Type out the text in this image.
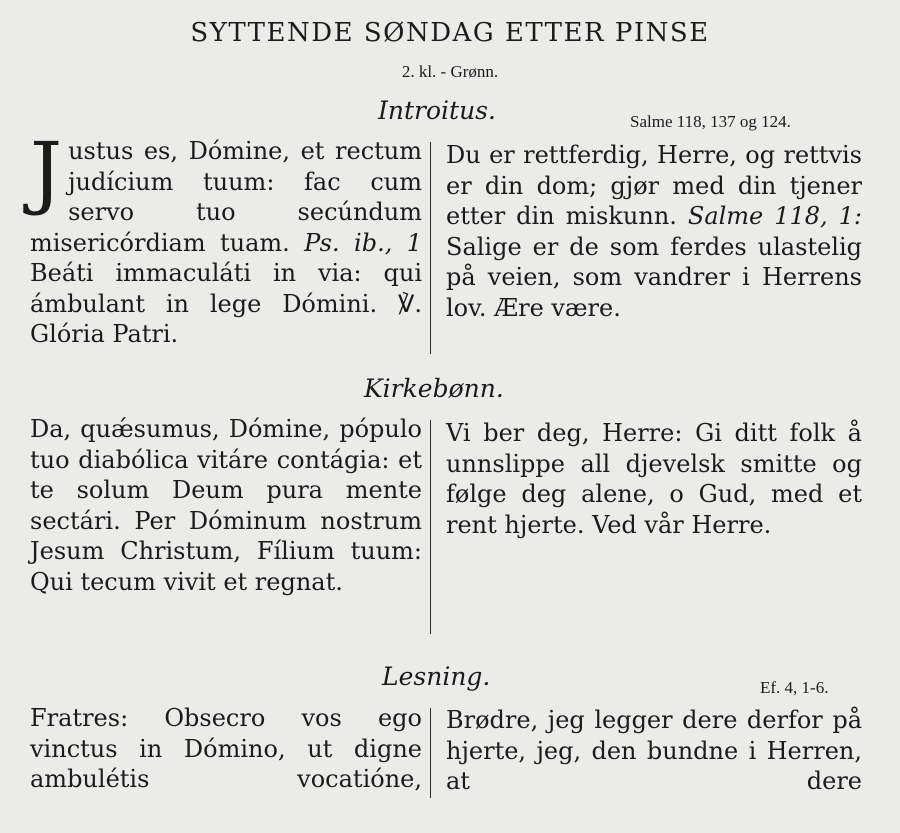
SYTTENDE SØNDAG ETTER PINSE
2. kl. - Grønn.
Introitus.	Salme 118, 137 og 124.
Justus es, Dómine, et rectum judícium tuum: fac cum servo tuo secúndum misericórdiam tuam. Ps. ib., 1 Beáti immaculáti in via: qui ámbulant in lege Dómini. ℣. Glória Patri.
Du er rettferdig, Herre, og rettvis er din dom; gjør med din tjener etter din miskunn. Salme 118, 1: Salige er de som ferdes ulastelig på veien, som vandrer i Herrens lov. Ære være.
Kirkebønn.
Da, quǽsumus, Dómine, pópulo tuo diabólica vitáre contágia: et te solum Deum pura mente sectári. Per Dóminum nostrum Jesum Christum, Fílium tuum: Qui tecum vivit et regnat.
Vi ber deg, Herre: Gi ditt folk å unnslippe all djevelsk smitte og følge deg alene, o Gud, med et rent hjerte. Ved vår Herre.
Lesning.	Ef. 4, 1-6.
Fratres: Obsecro vos ego vinctus in Dómino, ut digne ambulétis vocatióne,
Brødre, jeg legger dere derfor på hjerte, jeg, den bundne i Herren, at dere
